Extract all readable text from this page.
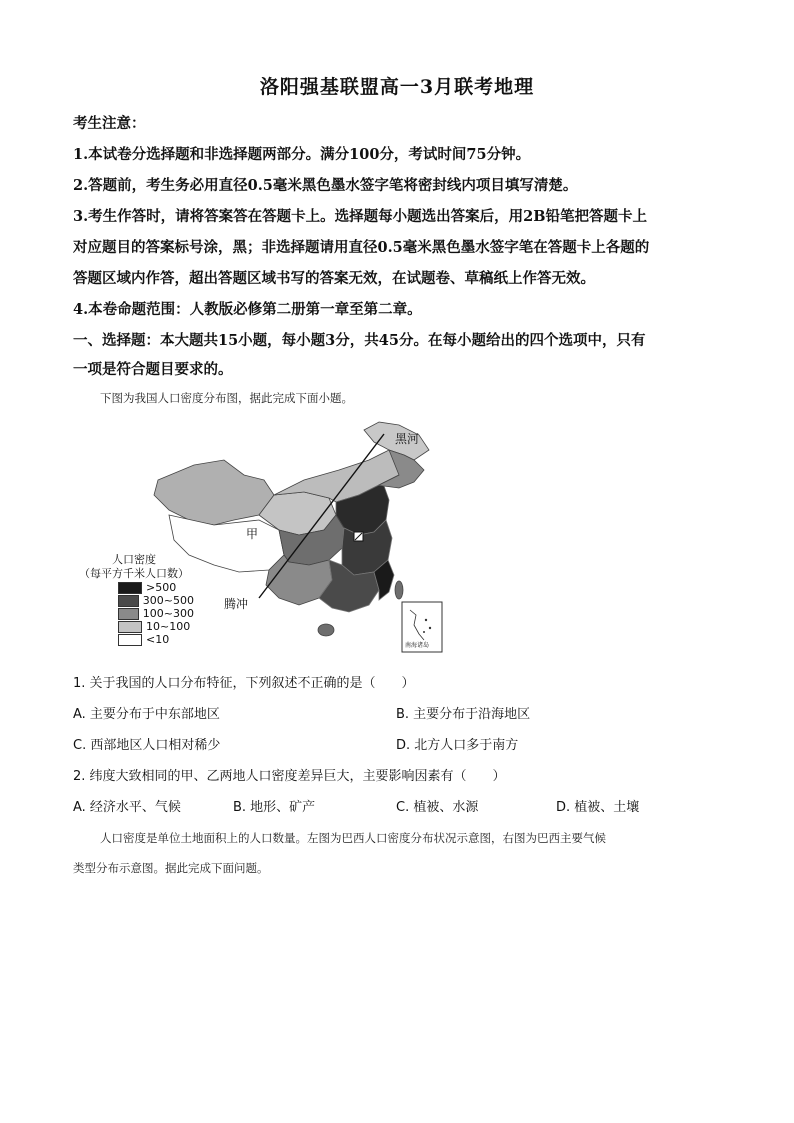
洛阳强基联盟高一3月联考地理
考生注意：
1.本试卷分选择题和非选择题两部分。满分100分，考试时间75分钟。
2.答题前，考生务必用直径0.5毫米黑色墨水签字笔将密封线内项目填写清楚。
3.考生作答时，请将答案答在答题卡上。选择题每小题选出答案后，用2B铅笔把答题卡上
对应题目的答案标号涂，黑；非选择题请用直径0.5毫米黑色墨水签字笔在答题卡上各题的
答题区域内作答，超出答题区域书写的答案无效，在试题卷、草稿纸上作答无效。
4.本卷命题范围：人教版必修第二册第一章至第二章。
一、选择题：本大题共15小题，每小题3分，共45分。在每小题给出的四个选项中，只有
一项是符合题目要求的。
下图为我国人口密度分布图，据此完成下面小题。
黑河
甲
腾冲
南海诸岛
人口密度
（每平方千米人口数）
>500
300~500
100~300
10~100
<10
1. 关于我国的人口分布特征，下列叙述不正确的是（　　）
A. 主要分布于中东部地区	B. 主要分布于沿海地区
C. 西部地区人口相对稀少	D. 北方人口多于南方
2. 纬度大致相同的甲、乙两地人口密度差异巨大，主要影响因素有（　　）
A. 经济水平、气候	B. 地形、矿产	C. 植被、水源	D. 植被、土壤
人口密度是单位土地面积上的人口数量。左图为巴西人口密度分布状况示意图，右图为巴西主要气候
类型分布示意图。据此完成下面问题。
